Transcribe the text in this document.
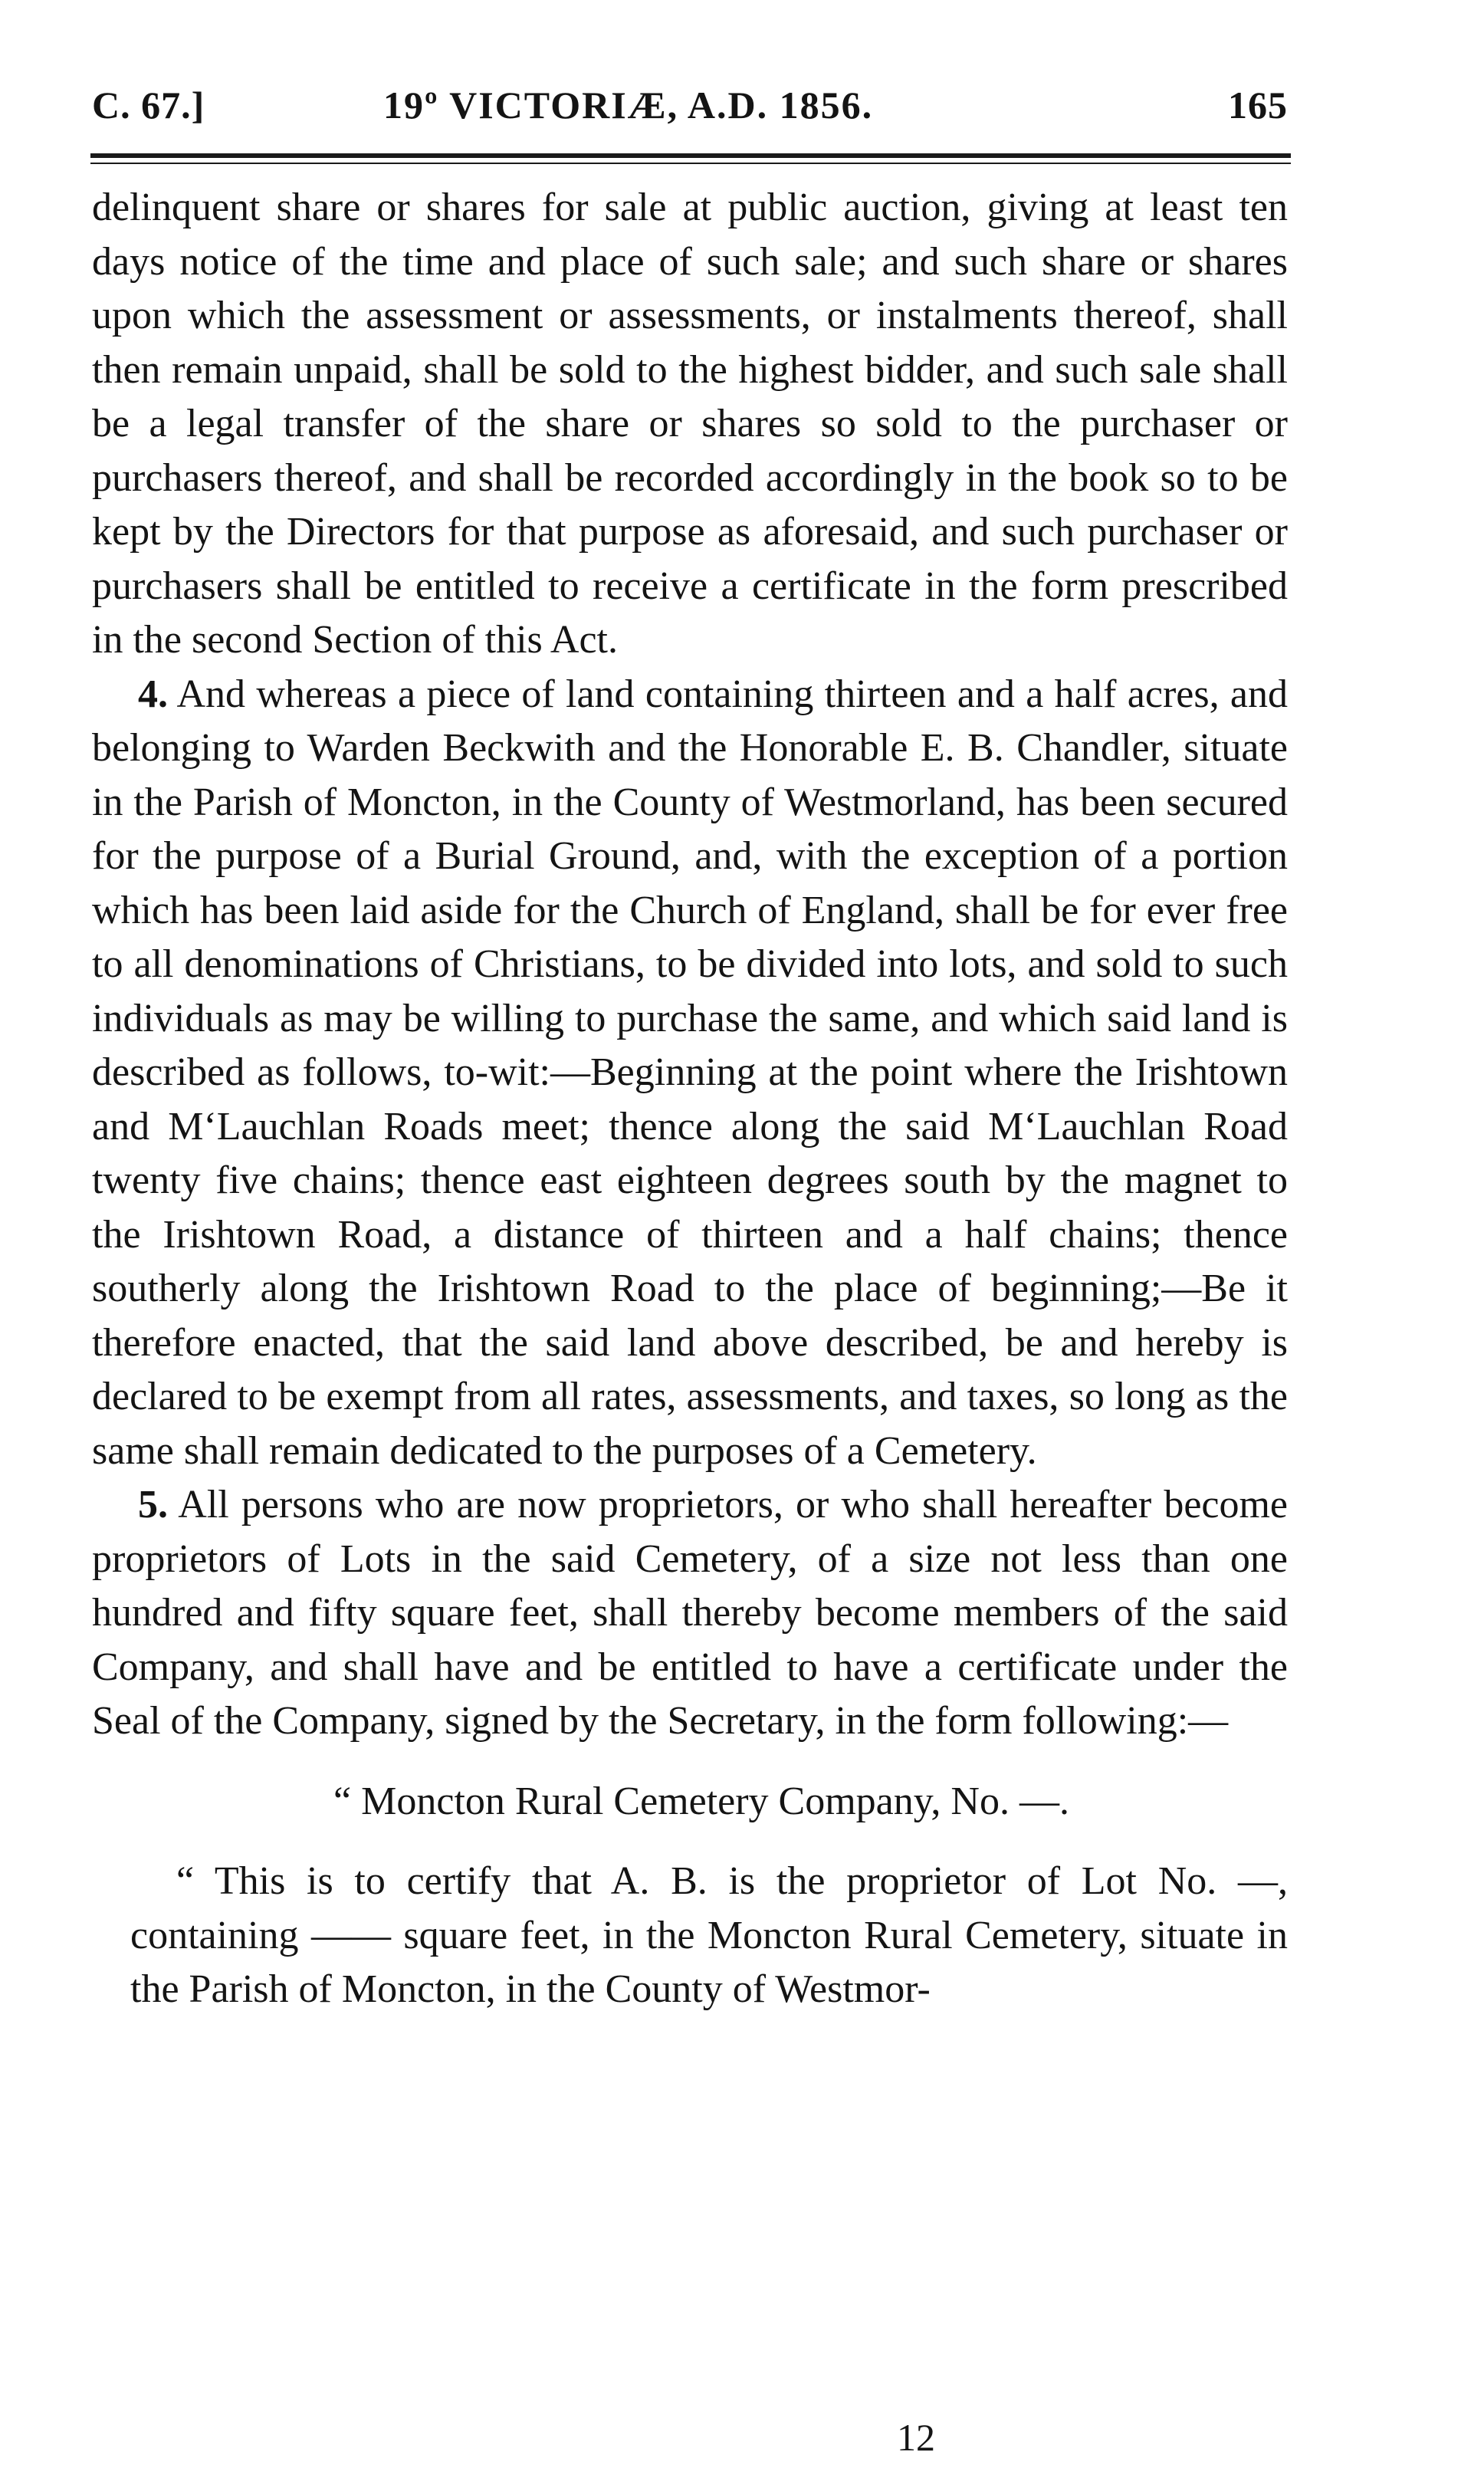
C. 67.]	19º VICTORIÆ, A.D. 1856.	165

delinquent share or shares for sale at public auction, giving at least ten days notice of the time and place of such sale; and such share or shares upon which the assessment or assessments, or instalments thereof, shall then remain unpaid, shall be sold to the highest bidder, and such sale shall be a legal transfer of the share or shares so sold to the purchaser or purchasers thereof, and shall be recorded accordingly in the book so to be kept by the Directors for that purpose as aforesaid, and such purchaser or purchasers shall be entitled to receive a certificate in the form prescribed in the second Section of this Act.

4. And whereas a piece of land containing thirteen and a half acres, and belonging to Warden Beckwith and the Honorable E. B. Chandler, situate in the Parish of Moncton, in the County of Westmorland, has been secured for the purpose of a Burial Ground, and, with the exception of a portion which has been laid aside for the Church of England, shall be for ever free to all denominations of Christians, to be divided into lots, and sold to such individuals as may be willing to purchase the same, and which said land is described as follows, to-wit:—Beginning at the point where the Irishtown and M‘Lauchlan Roads meet; thence along the said M‘Lauchlan Road twenty five chains; thence east eighteen degrees south by the magnet to the Irishtown Road, a distance of thirteen and a half chains; thence southerly along the Irishtown Road to the place of beginning;—Be it therefore enacted, that the said land above described, be and hereby is declared to be exempt from all rates, assessments, and taxes, so long as the same shall remain dedicated to the purposes of a Cemetery.

5. All persons who are now proprietors, or who shall hereafter become proprietors of Lots in the said Cemetery, of a size not less than one hundred and fifty square feet, shall thereby become members of the said Company, and shall have and be entitled to have a certificate under the Seal of the Company, signed by the Secretary, in the form following:—

“ Moncton Rural Cemetery Company, No. —.

“ This is to certify that A. B. is the proprietor of Lot No. —, containing —— square feet, in the Moncton Rural Cemetery, situate in the Parish of Moncton, in the County of Westmor-

12
